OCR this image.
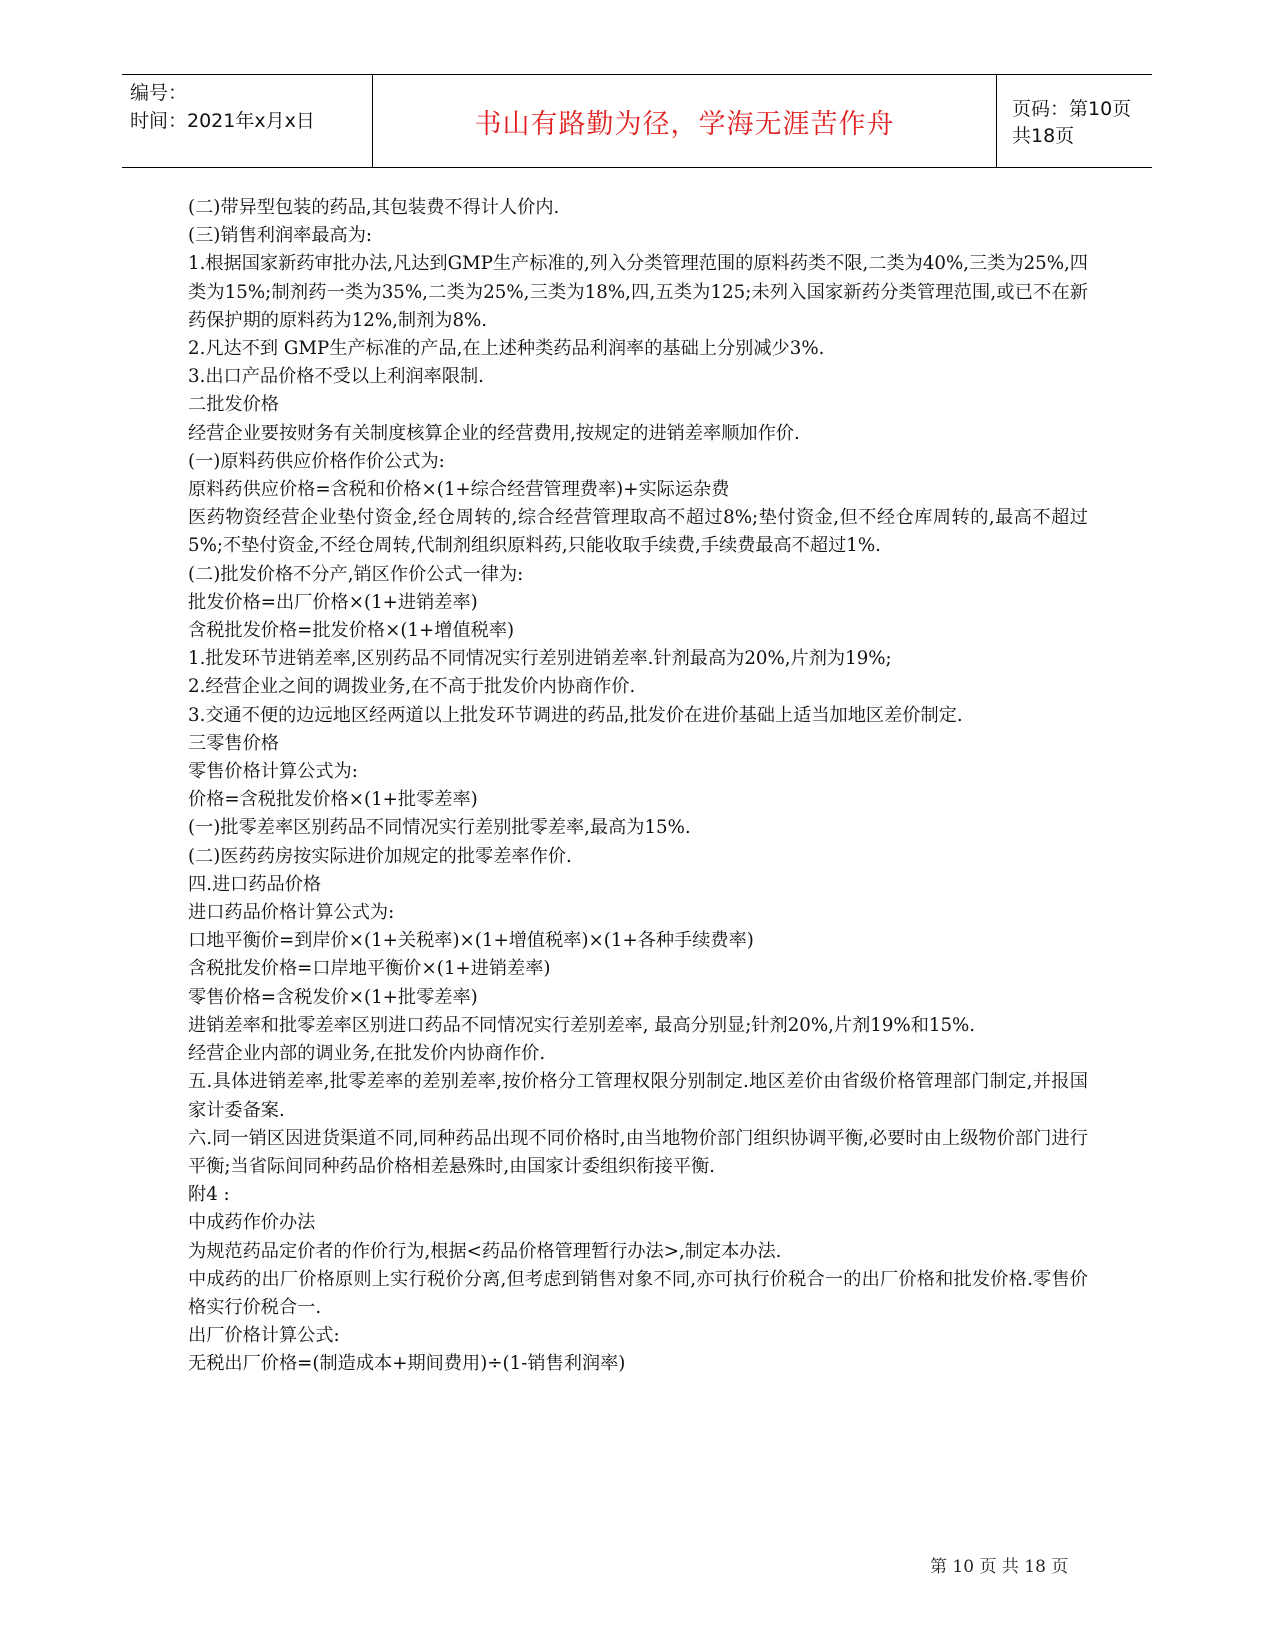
编号：
时间：2021年x月x日	书山有路勤为径，学海无涯苦作舟	页码：第10页 共18页

(二)带异型包装的药品,其包装费不得计人价内.

(三)销售利润率最高为:

1.根据国家新药审批办法,凡达到GMP生产标准的,列入分类管理范围的原料药类不限,二类为40%,三类为25%,四类为15%;制剂药一类为35%,二类为25%,三类为18%,四,五类为125;未列入国家新药分类管理范围,或已不在新药保护期的原料药为12%,制剂为8%.

2.凡达不到 GMP生产标准的产品,在上述种类药品利润率的基础上分别减少3%.

3.出口产品价格不受以上利润率限制.

二批发价格

经营企业要按财务有关制度核算企业的经营费用,按规定的进销差率顺加作价.

(一)原料药供应价格作价公式为:

原料药供应价格=含税和价格×(1+综合经营管理费率)+实际运杂费

医药物资经营企业垫付资金,经仓周转的,综合经营管理取高不超过8%;垫付资金,但不经仓库周转的,最高不超过5%;不垫付资金,不经仓周转,代制剂组织原料药,只能收取手续费,手续费最高不超过1%.

(二)批发价格不分产,销区作价公式一律为:

批发价格=出厂价格×(1+进销差率)

含税批发价格=批发价格×(1+增值税率)

1.批发环节进销差率,区别药品不同情况实行差别进销差率.针剂最高为20%,片剂为19%;

2.经营企业之间的调拨业务,在不高于批发价内协商作价.

3.交通不便的边远地区经两道以上批发环节调进的药品,批发价在进价基础上适当加地区差价制定.

三零售价格

零售价格计算公式为:

价格=含税批发价格×(1+批零差率)

(一)批零差率区别药品不同情况实行差别批零差率,最高为15%.

(二)医药药房按实际进价加规定的批零差率作价.

四.进口药品价格

进口药品价格计算公式为:

口地平衡价=到岸价×(1+关税率)×(1+增值税率)×(1+各种手续费率)

含税批发价格=口岸地平衡价×(1+进销差率)

零售价格=含税发价×(1+批零差率)

进销差率和批零差率区别进口药品不同情况实行差别差率, 最高分别显;针剂20%,片剂19%和15%.

经营企业内部的调业务,在批发价内协商作价.

五.具体进销差率,批零差率的差别差率,按价格分工管理权限分别制定.地区差价由省级价格管理部门制定,并报国家计委备案.

六.同一销区因进货渠道不同,同种药品出现不同价格时,由当地物价部门组织协调平衡,必要时由上级物价部门进行平衡;当省际间同种药品价格相差悬殊时,由国家计委组织衔接平衡.

附4 :

中成药作价办法

为规范药品定价者的作价行为,根据<药品价格管理暂行办法>,制定本办法.

中成药的出厂价格原则上实行税价分离,但考虑到销售对象不同,亦可执行价税合一的出厂价格和批发价格.零售价格实行价税合一.

出厂价格计算公式:

无税出厂价格=(制造成本+期间费用)÷(1-销售利润率)

第 10 页 共 18 页
